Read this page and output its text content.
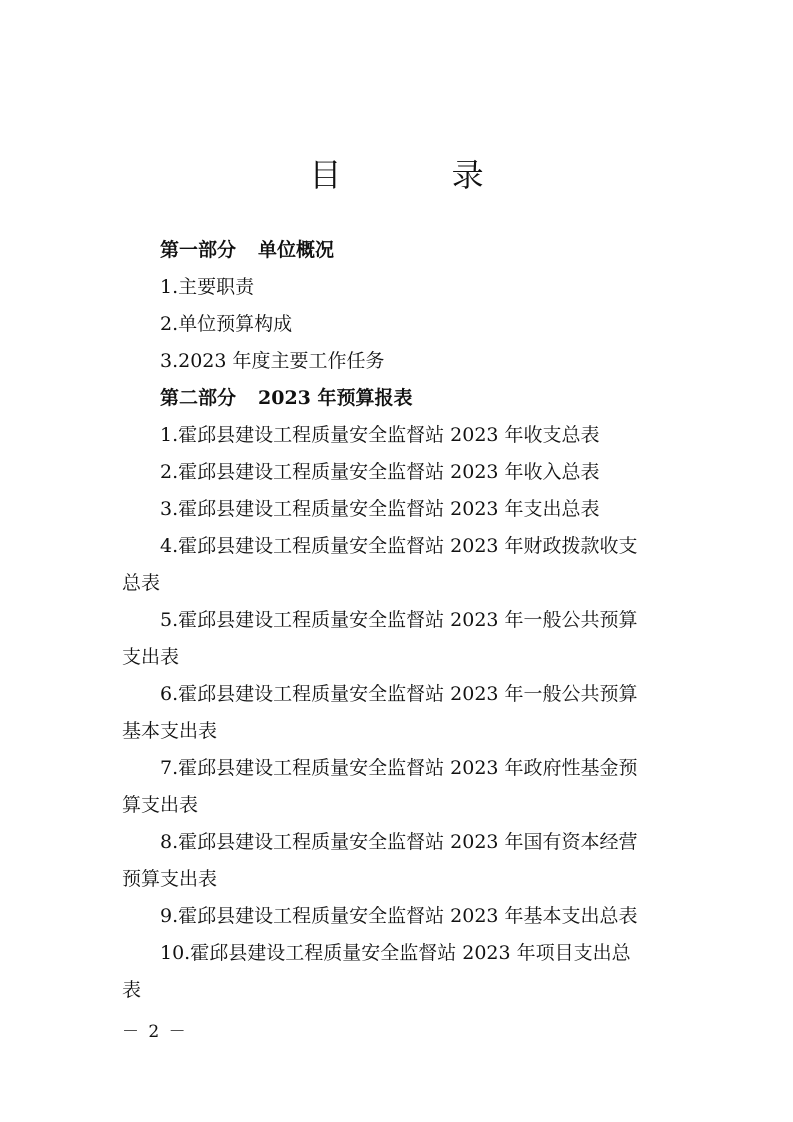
目 录

第一部分 单位概况

1.主要职责

2.单位预算构成

3.2023 年度主要工作任务

第二部分 2023 年预算报表

1.霍邱县建设工程质量安全监督站 2023 年收支总表

2.霍邱县建设工程质量安全监督站 2023 年收入总表

3.霍邱县建设工程质量安全监督站 2023 年支出总表

4.霍邱县建设工程质量安全监督站 2023 年财政拨款收支

总表

5.霍邱县建设工程质量安全监督站 2023 年一般公共预算

支出表

6.霍邱县建设工程质量安全监督站 2023 年一般公共预算

基本支出表

7.霍邱县建设工程质量安全监督站 2023 年政府性基金预

算支出表

8.霍邱县建设工程质量安全监督站 2023 年国有资本经营

预算支出表

9.霍邱县建设工程质量安全监督站 2023 年基本支出总表

10.霍邱县建设工程质量安全监督站 2023 年项目支出总

表

－ 2 －
